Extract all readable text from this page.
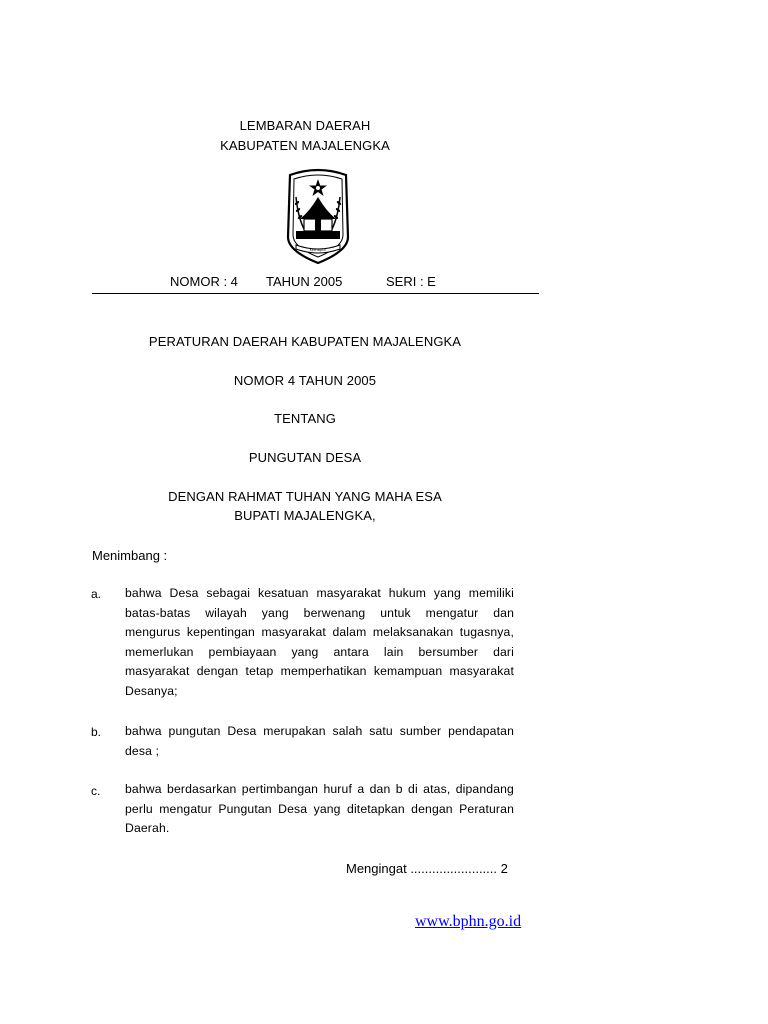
LEMBARAN DAERAH
KABUPATEN MAJALENGKA
KERTAJATI
NOMOR : 4 TAHUN 2005	SERI : E
PERATURAN DAERAH KABUPATEN MAJALENGKA
NOMOR 4 TAHUN 2005
TENTANG
PUNGUTAN DESA
DENGAN RAHMAT TUHAN YANG MAHA ESA
BUPATI MAJALENGKA,
Menimbang :
a. bahwa Desa sebagai kesatuan masyarakat hukum yang memiliki

batas-batas wilayah yang berwenang untuk mengatur dan

mengurus kepentingan masyarakat dalam melaksanakan tugasnya,

memerlukan pembiayaan yang antara lain bersumber dari

masyarakat dengan tetap memperhatikan kemampuan masyarakat

Desanya;

b. bahwa pungutan Desa merupakan salah satu sumber pendapatan

desa ;

c. bahwa berdasarkan pertimbangan huruf a dan b di atas, dipandang

perlu mengatur Pungutan Desa yang ditetapkan dengan Peraturan

Daerah.

Mengingat ........................ 2
www.bphn.go.id
